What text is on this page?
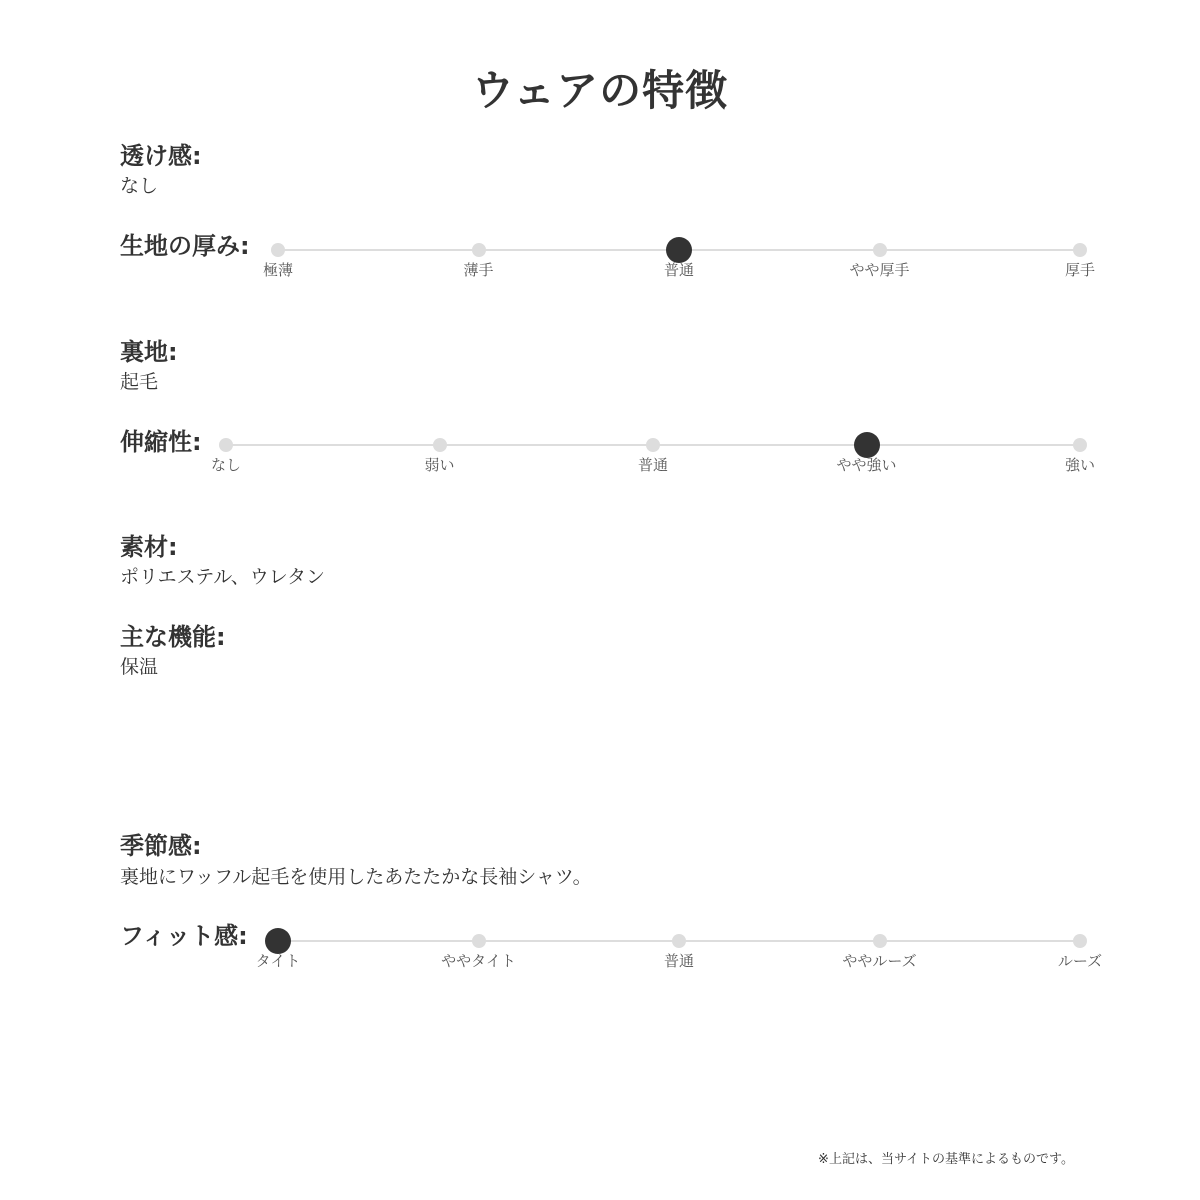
ウェアの特徴
透け感:
なし
生地の厚み:
極薄	薄手	普通	やや厚手	厚手
裏地:
起毛
伸縮性:
なし	弱い	普通	やや強い	強い
素材:
ポリエステル、ウレタン
主な機能:
保温
季節感:
裏地にワッフル起毛を使用したあたたかな長袖シャツ。
フィット感:
タイト	ややタイト	普通	ややルーズ	ルーズ
※上記は、当サイトの基準によるものです。
